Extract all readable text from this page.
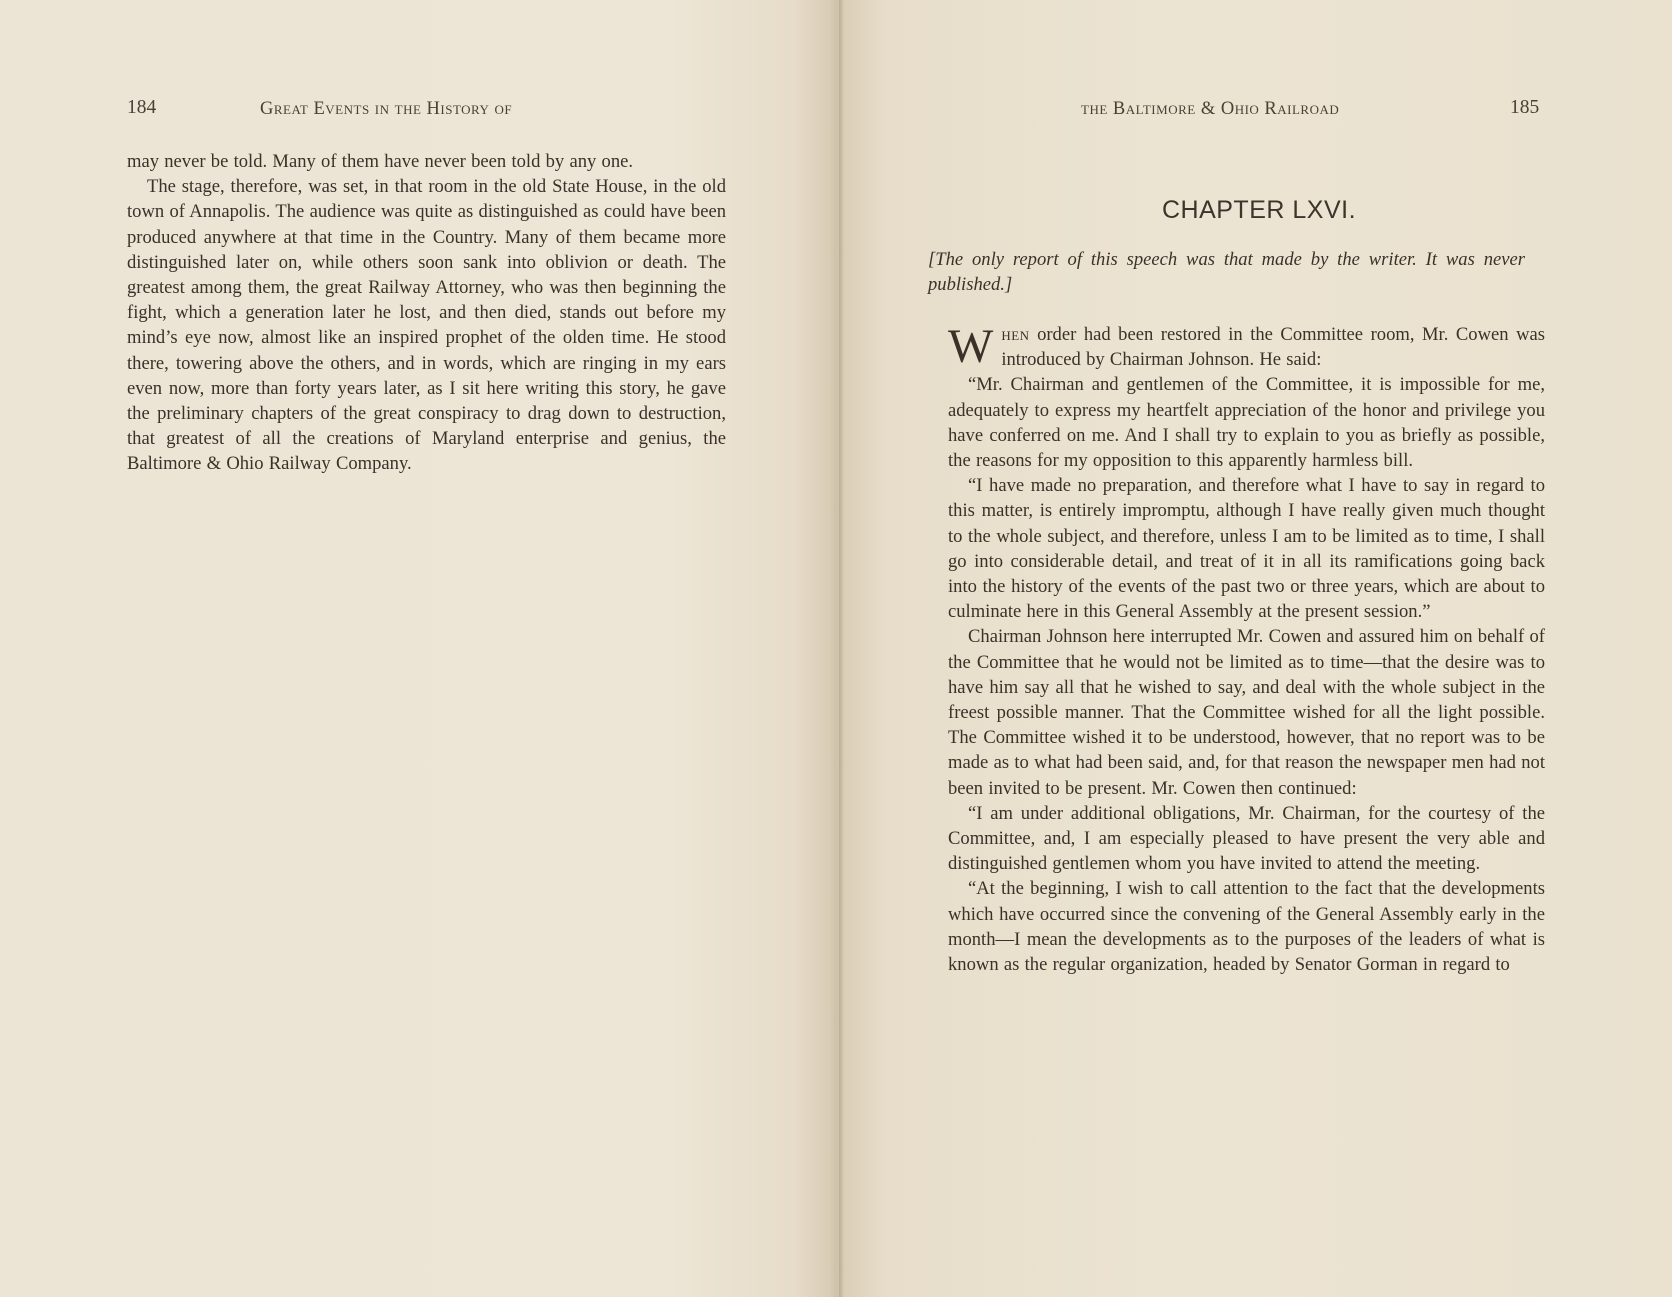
184	Great Events in the History of

may never be told. Many of them have never been told by any one.

The stage, therefore, was set, in that room in the old State House, in the old town of Annapolis. The audience was quite as distinguished as could have been produced anywhere at that time in the Country. Many of them became more distinguished later on, while others soon sank into oblivion or death. The greatest among them, the great Railway Attorney, who was then beginning the fight, which a generation later he lost, and then died, stands out before my mind’s eye now, almost like an inspired prophet of the olden time. He stood there, towering above the others, and in words, which are ringing in my ears even now, more than forty years later, as I sit here writing this story, he gave the preliminary chapters of the great conspiracy to drag down to destruction, that greatest of all the creations of Maryland enterprise and genius, the Baltimore & Ohio Railway Company.

the Baltimore & Ohio Railroad	185
CHAPTER LXVI.
[The only report of this speech was that made by the writer. It was never published.]

When order had been restored in the Committee room, Mr. Cowen was introduced by Chairman Johnson. He said:

“Mr. Chairman and gentlemen of the Committee, it is impossible for me, adequately to express my heartfelt appreciation of the honor and privilege you have conferred on me. And I shall try to explain to you as briefly as possible, the reasons for my opposition to this apparently harmless bill.

“I have made no preparation, and therefore what I have to say in regard to this matter, is entirely impromptu, although I have really given much thought to the whole subject, and therefore, unless I am to be limited as to time, I shall go into considerable detail, and treat of it in all its ramifications going back into the history of the events of the past two or three years, which are about to culminate here in this General Assembly at the present session.”

Chairman Johnson here interrupted Mr. Cowen and assured him on behalf of the Committee that he would not be limited as to time—that the desire was to have him say all that he wished to say, and deal with the whole subject in the freest possible manner. That the Committee wished for all the light possible. The Committee wished it to be understood, however, that no report was to be made as to what had been said, and, for that reason the newspaper men had not been invited to be present. Mr. Cowen then continued:

“I am under additional obligations, Mr. Chairman, for the courtesy of the Committee, and, I am especially pleased to have present the very able and distinguished gentlemen whom you have invited to attend the meeting.

“At the beginning, I wish to call attention to the fact that the developments which have occurred since the convening of the General Assembly early in the month—I mean the developments as to the purposes of the leaders of what is known as the regular organization, headed by Senator Gorman in regard to
